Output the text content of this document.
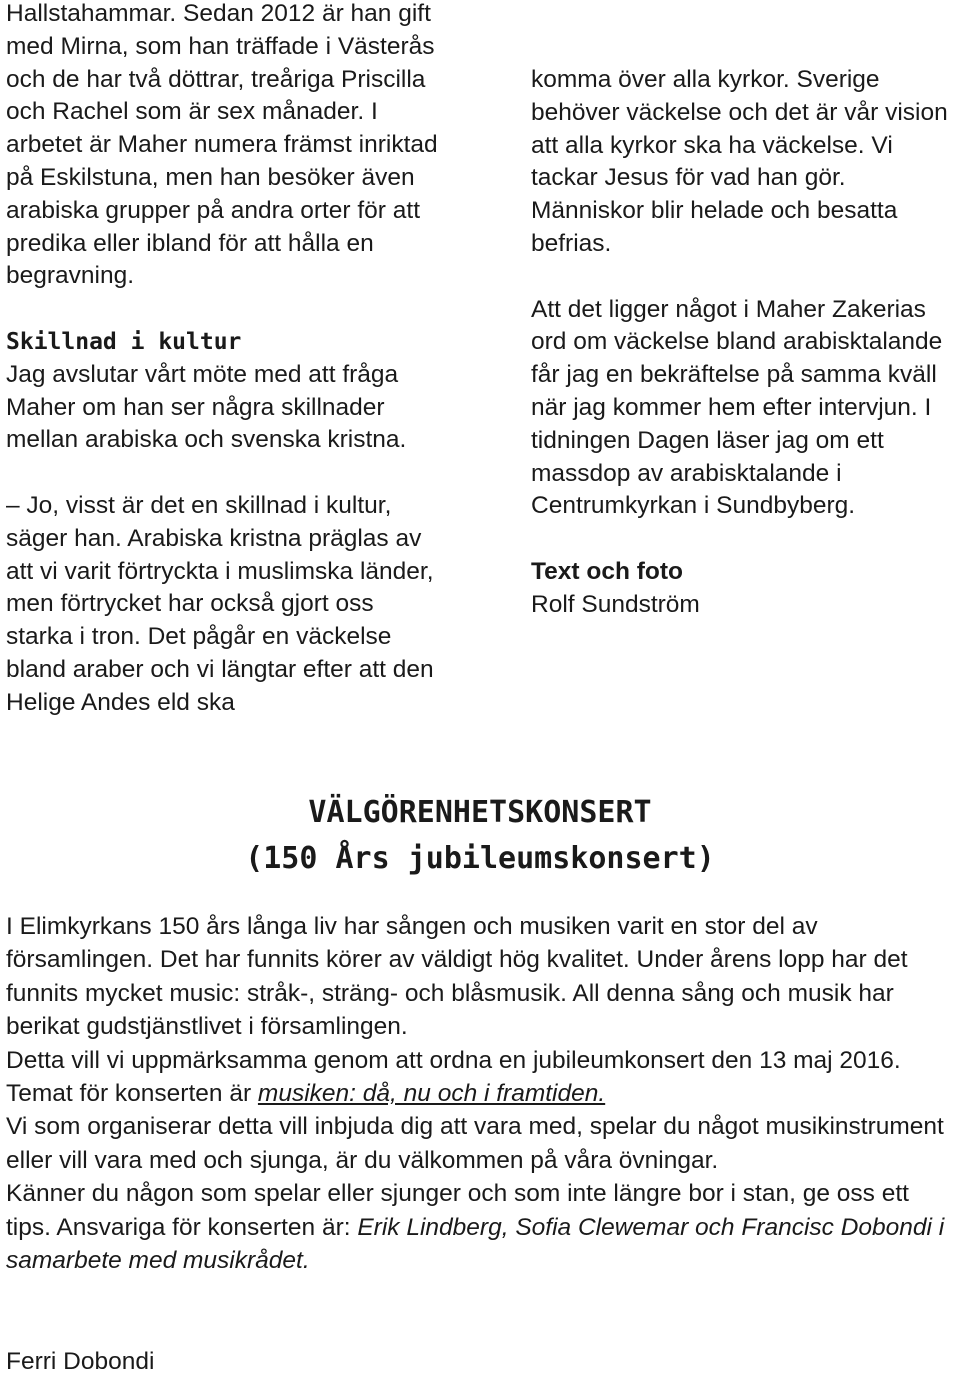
Hallstahammar. Sedan 2012 är han gift med Mirna, som han träffade i Västerås och de har två döttrar, treåriga Priscilla och Rachel som är sex månader. I arbetet är Maher numera främst inriktad på Eskilstuna, men han besöker även arabiska grupper på andra orter för att predika eller ibland för att hålla en begravning.

Skillnad i kultur

Jag avslutar vårt möte med att fråga Maher om han ser några skillnader mellan arabiska och svenska kristna.

– Jo, visst är det en skillnad i kultur, säger han. Arabiska kristna präglas av att vi varit förtryckta i muslimska länder, men förtrycket har också gjort oss starka i tron. Det pågår en väckelse bland araber och vi längtar efter att den Helige Andes eld ska

komma över alla kyrkor. Sverige behöver väckelse och det är vår vision att alla kyrkor ska ha väckelse. Vi tackar Jesus för vad han gör. Människor blir helade och besatta befrias.

Att det ligger något i Maher Zakerias ord om väckelse bland arabisktalande får jag en bekräftelse på samma kväll när jag kommer hem efter intervjun. I tidningen Dagen läser jag om ett massdop av arabisktalande i Centrumkyrkan i Sundbyberg.

Text och foto

Rolf Sundström

VÄLGÖRENHETSKONSERT
(150 Års jubileumskonsert)

I Elimkyrkans 150 års långa liv har sången och musiken varit en stor del av församlingen. Det har funnits körer av väldigt hög kvalitet. Under årens lopp har det funnits mycket music: stråk-, sträng- och blåsmusik. All denna sång och musik har berikat gudstjänstlivet i församlingen.

Detta vill vi uppmärksamma genom att ordna en jubileumkonsert den 13 maj 2016. Temat för konserten är musiken: då, nu och i framtiden.

Vi som organiserar detta vill inbjuda dig att vara med, spelar du något musikinstrument eller vill vara med och sjunga, är du välkommen på våra övningar.

Känner du någon som spelar eller sjunger och som inte längre bor i stan, ge oss ett tips. Ansvariga för konserten är: Erik Lindberg, Sofia Clewemar och Francisc Dobondi i samarbete med musikrådet.

Ferri Dobondi
